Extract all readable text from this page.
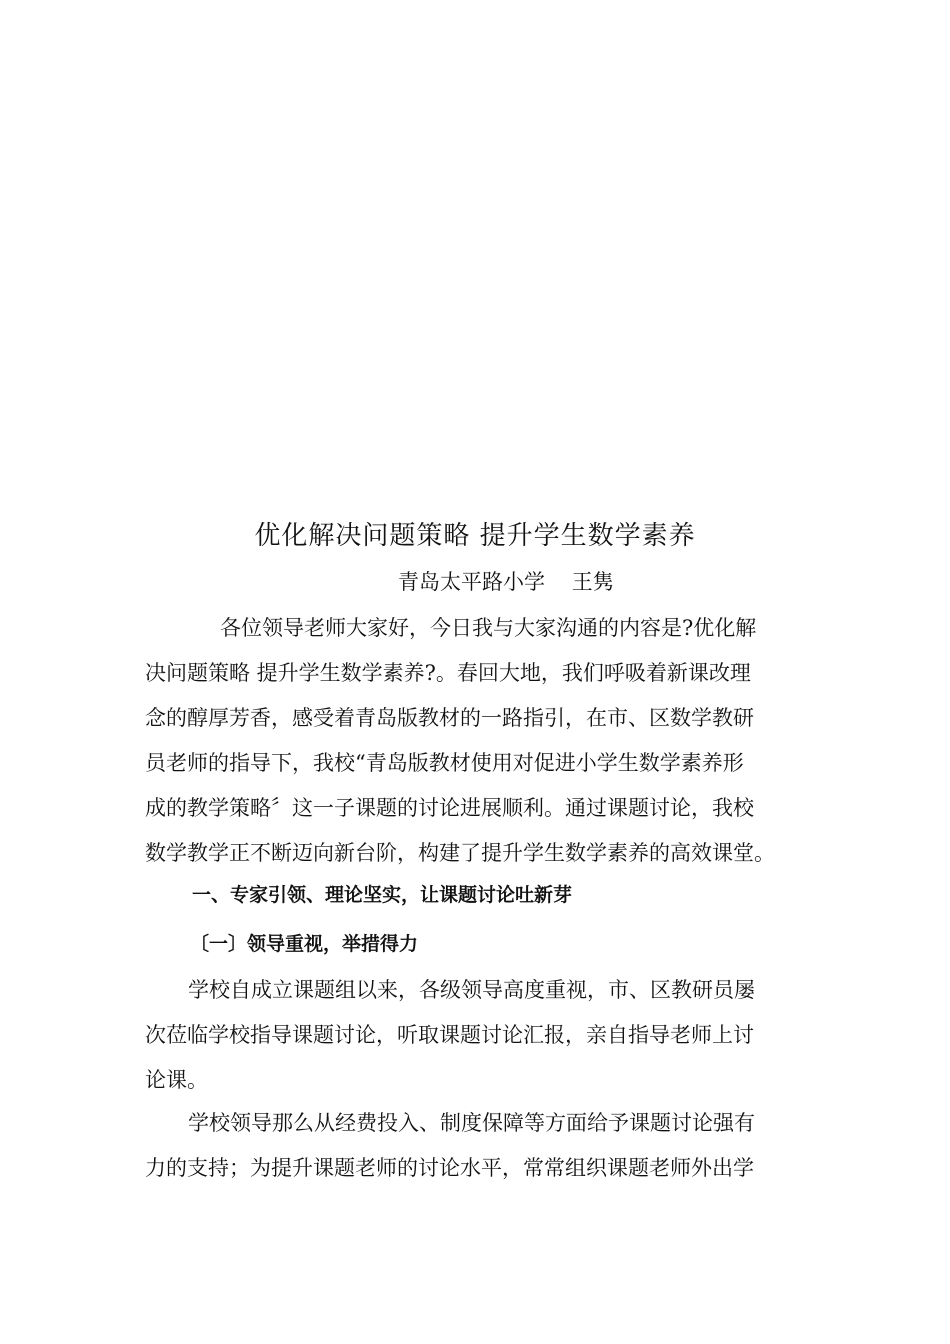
优化解决问题策略 提升学生数学素养
青岛太平路小学    王隽
各位领导老师大家好，今日我与大家沟通的内容是?优化解
决问题策略 提升学生数学素养?。春回大地，我们呼吸着新课改理
念的醇厚芳香，感受着青岛版教材的一路指引，在市、区数学教研
员老师的指导下，我校“青岛版教材使用对促进小学生数学素养形
成的教学策略〞这一子课题的讨论进展顺利。通过课题讨论，我校
数学教学正不断迈向新台阶，构建了提升学生数学素养的高效课堂。
一、专家引领、理论坚实，让课题讨论吐新芽
〔一〕领导重视，举措得力
学校自成立课题组以来，各级领导高度重视，市、区教研员屡
次莅临学校指导课题讨论，听取课题讨论汇报，亲自指导老师上讨
论课。
学校领导那么从经费投入、制度保障等方面给予课题讨论强有
力的支持；为提升课题老师的讨论水平，常常组织课题老师外出学
